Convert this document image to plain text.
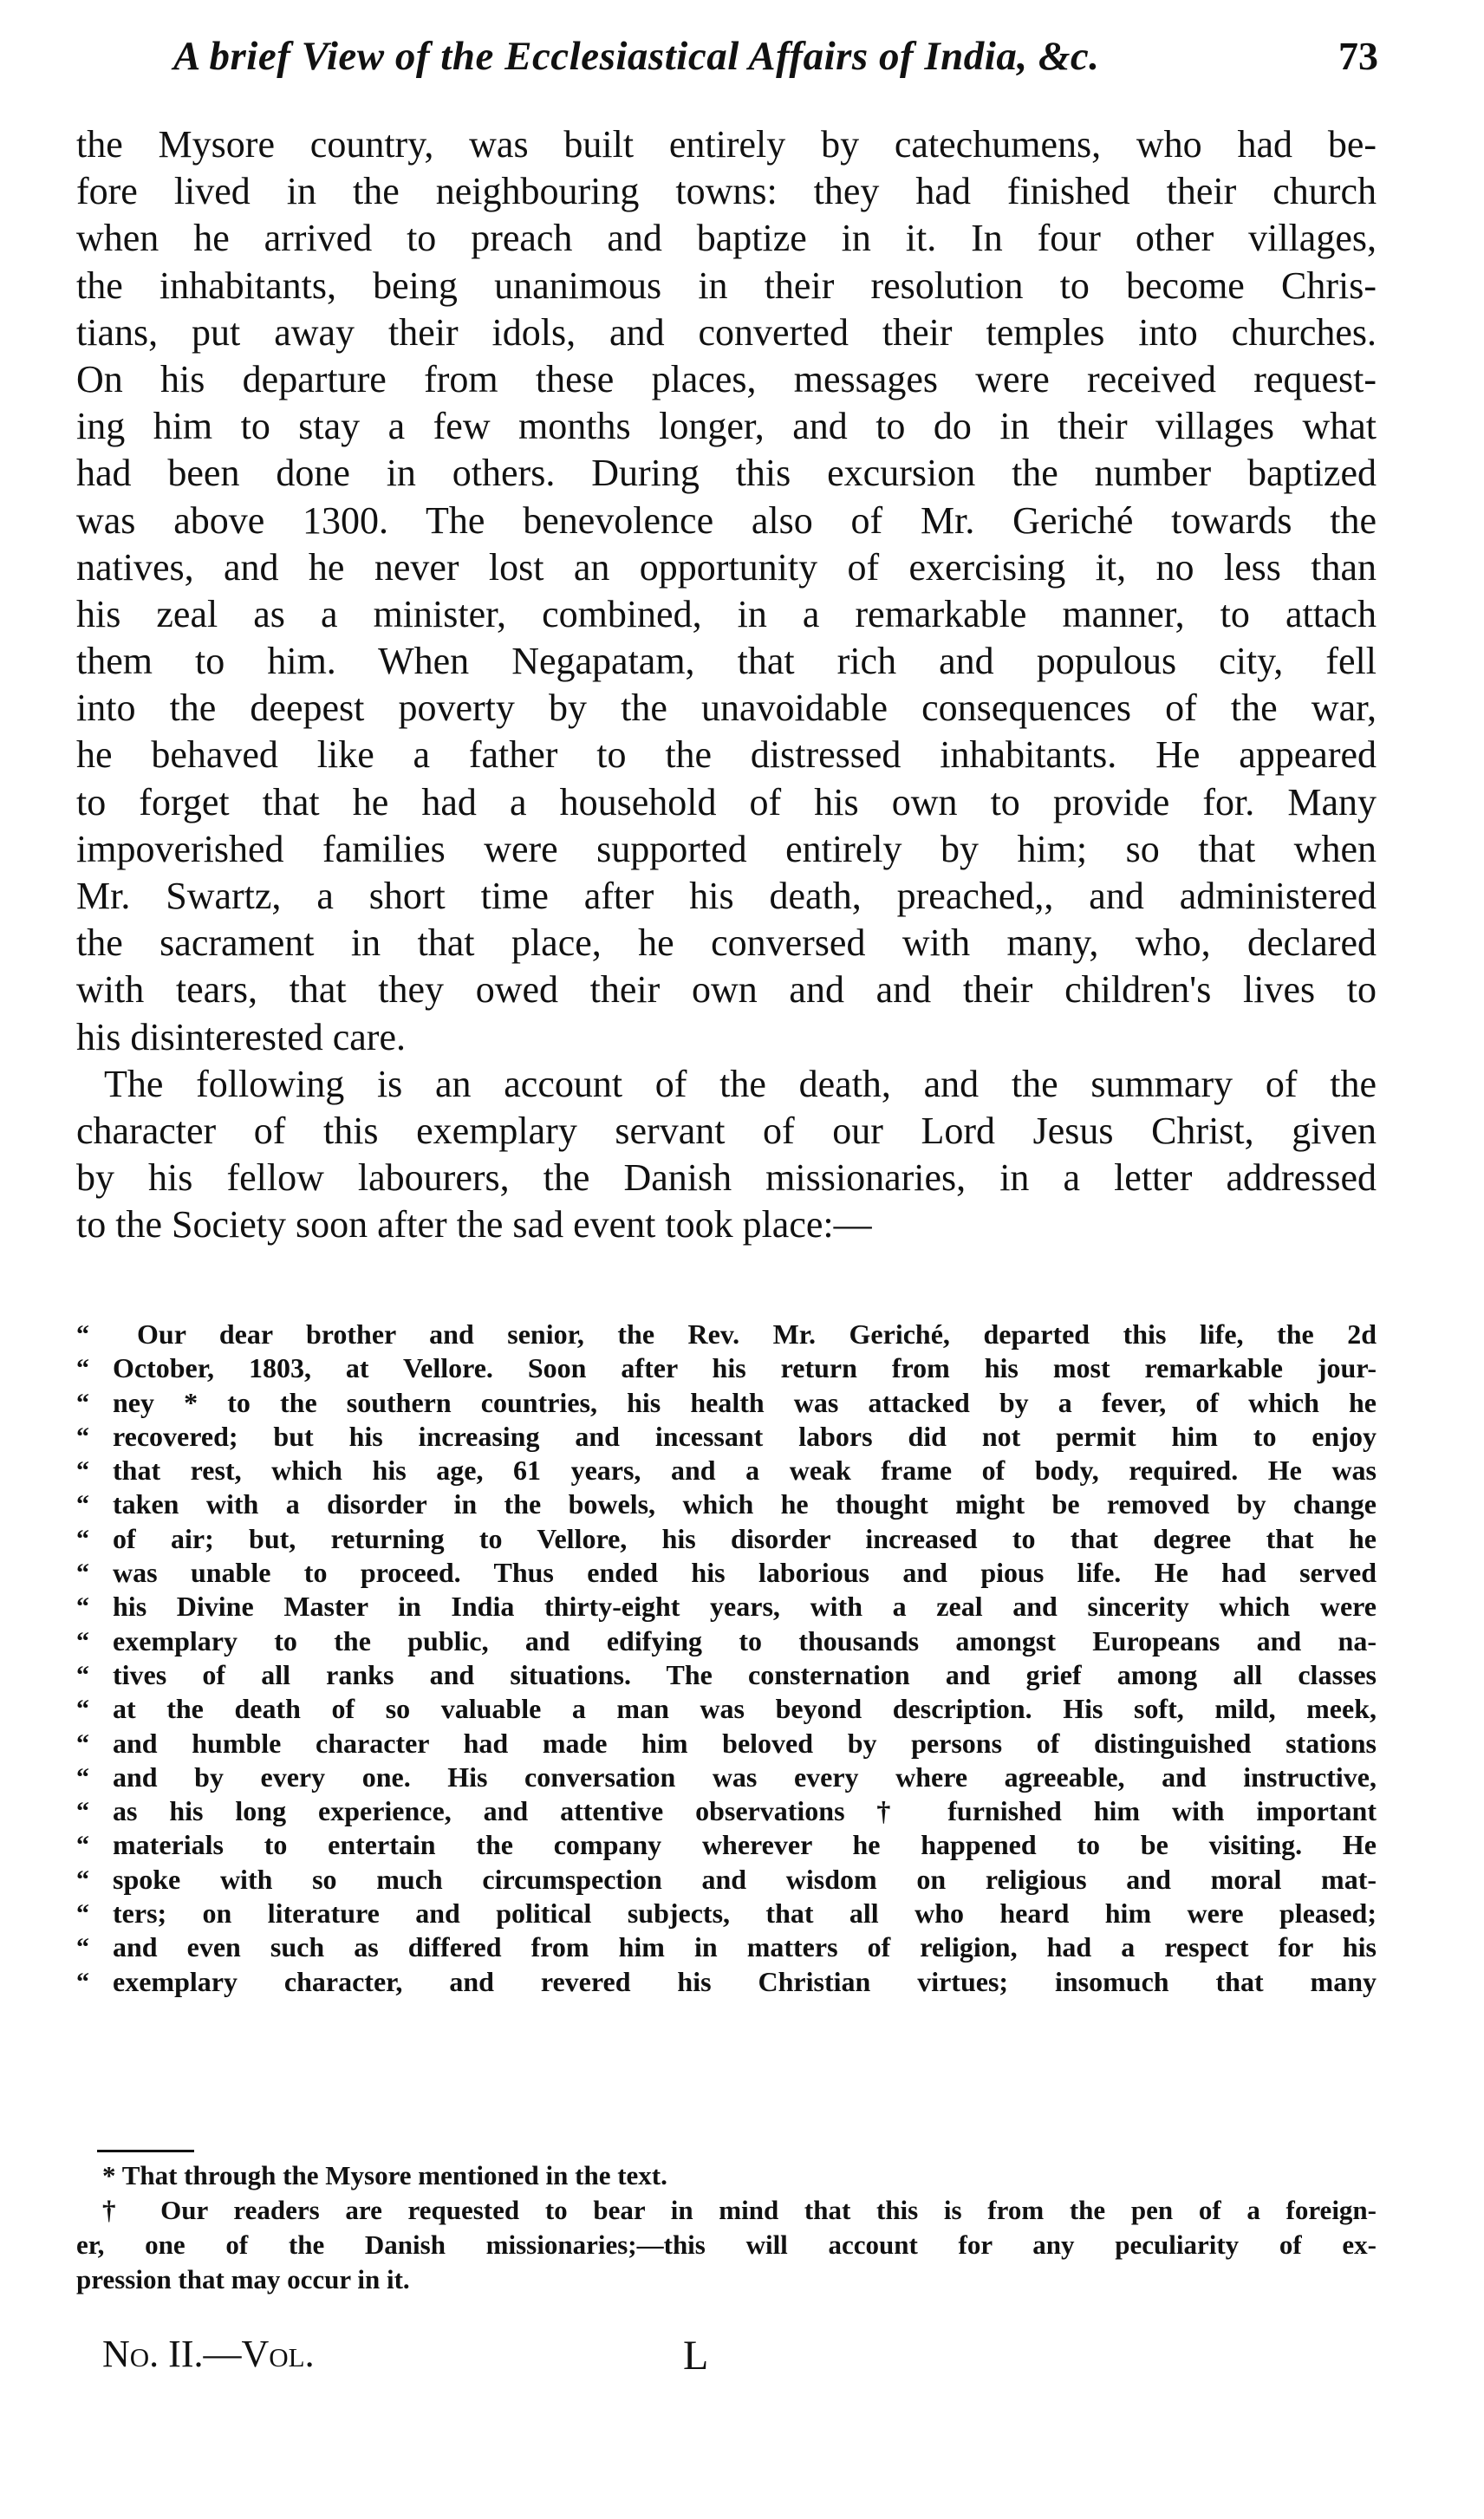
A brief View of the Ecclesiastical Affairs of India, &c.	73
the Mysore country, was built entirely by catechumens, who had be-
fore lived in the neighbouring towns: they had finished their church
when he arrived to preach and baptize in it. In four other villages,
the inhabitants, being unanimous in their resolution to become Chris-
tians, put away their idols, and converted their temples into churches.
On his departure from these places, messages were received request-
ing him to stay a few months longer, and to do in their villages what
had been done in others. During this excursion the number baptized
was above 1300. The benevolence also of Mr. Geriché towards the
natives, and he never lost an opportunity of exercising it, no less than
his zeal as a minister, combined, in a remarkable manner, to attach
them to him. When Negapatam, that rich and populous city, fell
into the deepest poverty by the unavoidable consequences of the war,
he behaved like a father to the distressed inhabitants. He appeared
to forget that he had a household of his own to provide for. Many
impoverished families were supported entirely by him; so that when
Mr. Swartz, a short time after his death, preached,, and administered
the sacrament in that place, he conversed with many, who, declared
with tears, that they owed their own and and their children's lives to
his disinterested care.
The following is an account of the death, and the summary of the
character of this exemplary servant of our Lord Jesus Christ, given
by his fellow labourers, the Danish missionaries, in a letter addressed
to the Society soon after the sad event took place:—
“ Our dear brother and senior, the Rev. Mr. Geriché, departed this life, the 2d
“ October, 1803, at Vellore. Soon after his return from his most remarkable jour-
“ ney * to the southern countries, his health was attacked by a fever, of which he
“ recovered; but his increasing and incessant labors did not permit him to enjoy
“ that rest, which his age, 61 years, and a weak frame of body, required. He was
“ taken with a disorder in the bowels, which he thought might be removed by change
“ of air; but, returning to Vellore, his disorder increased to that degree that he
“ was unable to proceed. Thus ended his laborious and pious life. He had served
“ his Divine Master in India thirty-eight years, with a zeal and sincerity which were
“ exemplary to the public, and edifying to thousands amongst Europeans and na-
“ tives of all ranks and situations. The consternation and grief among all classes
“ at the death of so valuable a man was beyond description. His soft, mild, meek,
“ and humble character had made him beloved by persons of distinguished stations
“ and by every one. His conversation was every where agreeable, and instructive,
“ as his long experience, and attentive observations † furnished him with important
“ materials to entertain the company wherever he happened to be visiting. He
“ spoke with so much circumspection and wisdom on religious and moral mat-
“ ters; on literature and political subjects, that all who heard him were pleased;
“ and even such as differed from him in matters of religion, had a respect for his
“ exemplary character, and revered his Christian virtues; insomuch that many
* That through the Mysore mentioned in the text.
† Our readers are requested to bear in mind that this is from the pen of a foreign-
er, one of the Danish missionaries;—this will account for any peculiarity of ex-
pression that may occur in it.
No. II.—Vol.	L
